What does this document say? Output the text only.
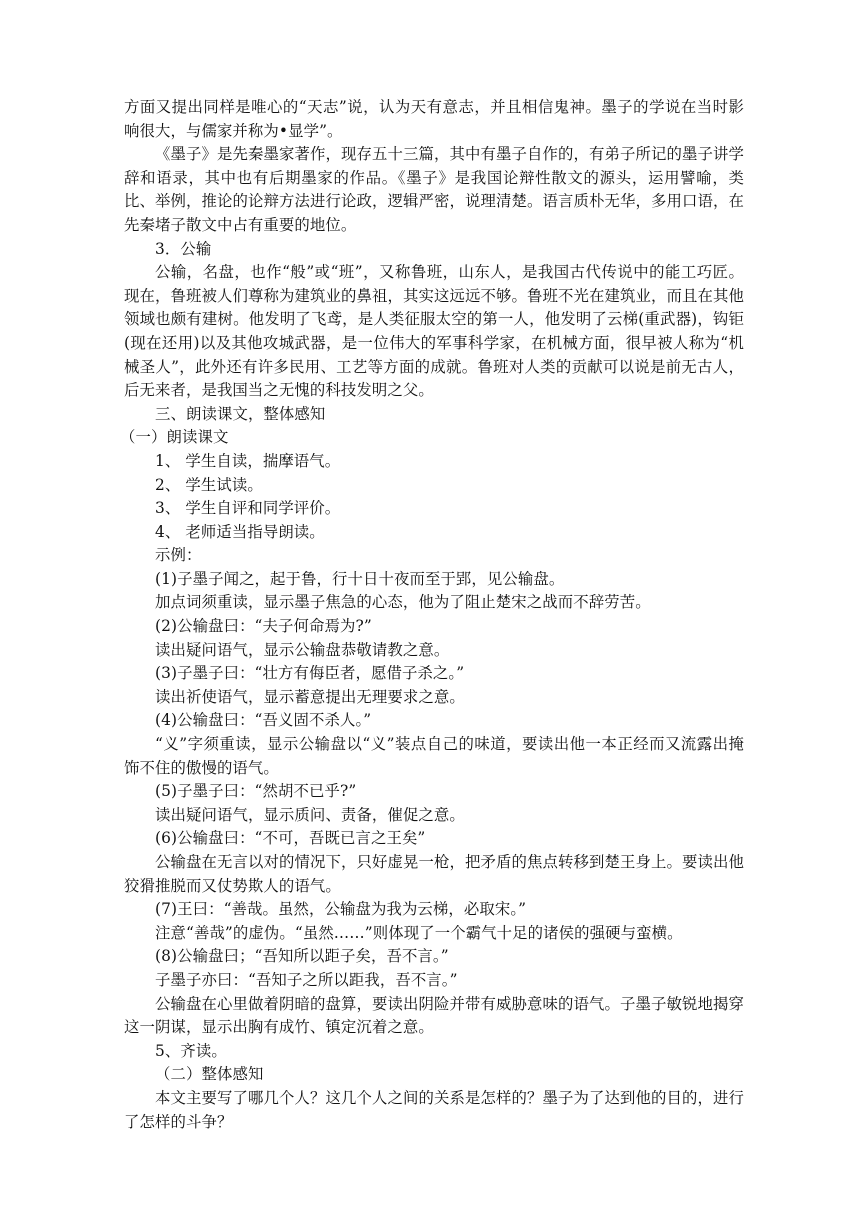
方面又提出同样是唯心的“天志”说，认为天有意志，并且相信鬼神。墨子的学说在当时影响很大，与儒家并称为•显学”。

《墨子》是先秦墨家著作，现存五十三篇，其中有墨子自作的，有弟子所记的墨子讲学辞和语录，其中也有后期墨家的作品。《墨子》是我国论辩性散文的源头，运用譬喻，类比、举例，推论的论辩方法进行论政，逻辑严密，说理清楚。语言质朴无华，多用口语，在先秦堵子散文中占有重要的地位。

3．公输

公输，名盘，也作“般”或“班”，又称鲁班，山东人，是我国古代传说中的能工巧匠。现在，鲁班被人们尊称为建筑业的鼻祖，其实这远远不够。鲁班不光在建筑业，而且在其他领域也颇有建树。他发明了飞鸢，是人类征服太空的第一人，他发明了云梯(重武器)，钩钜(现在还用)以及其他攻城武器，是一位伟大的军事科学家，在机械方面，很早被人称为“机械圣人”，此外还有许多民用、工艺等方面的成就。鲁班对人类的贡献可以说是前无古人，后无来者，是我国当之无愧的科技发明之父。

三、朗读课文，整体感知

（一）朗读课文

1、 学生自读，揣摩语气。

2、 学生试读。

3、 学生自评和同学评价。

4、 老师适当指导朗读。

示例：

(1)子墨子闻之，起于鲁，行十日十夜而至于郢，见公输盘。

加点词须重读，显示墨子焦急的心态，他为了阻止楚宋之战而不辞劳苦。

(2)公输盘曰：“夫子何命焉为?”

读出疑问语气，显示公输盘恭敬请教之意。

(3)子墨子曰：“壮方有侮臣者，愿借子杀之。”

读出祈使语气，显示蓄意提出无理要求之意。

(4)公输盘曰：“吾义固不杀人。”

“义”字须重读，显示公输盘以“义”装点自己的味道，要读出他一本正经而又流露出掩饰不住的傲慢的语气。

(5)子墨子曰：“然胡不已乎?”

读出疑问语气，显示质问、责备，催促之意。

(6)公输盘曰：“不可，吾既已言之王矣”

公输盘在无言以对的情况下，只好虚晃一枪，把矛盾的焦点转移到楚王身上。要读出他狡猾推脱而又仗势欺人的语气。

(7)王曰：“善哉。虽然，公输盘为我为云梯，必取宋。”

注意“善哉”的虚伪。“虽然……”则体现了一个霸气十足的诸侯的强硬与蛮横。

(8)公输盘曰；“吾知所以距子矣，吾不言。”

子墨子亦曰：“吾知子之所以距我，吾不言。”

公输盘在心里做着阴暗的盘算，要读出阴险并带有威胁意味的语气。子墨子敏锐地揭穿这一阴谋，显示出胸有成竹、镇定沉着之意。

5、齐读。

（二）整体感知

本文主要写了哪几个人？这几个人之间的关系是怎样的？墨子为了达到他的目的，进行了怎样的斗争？
